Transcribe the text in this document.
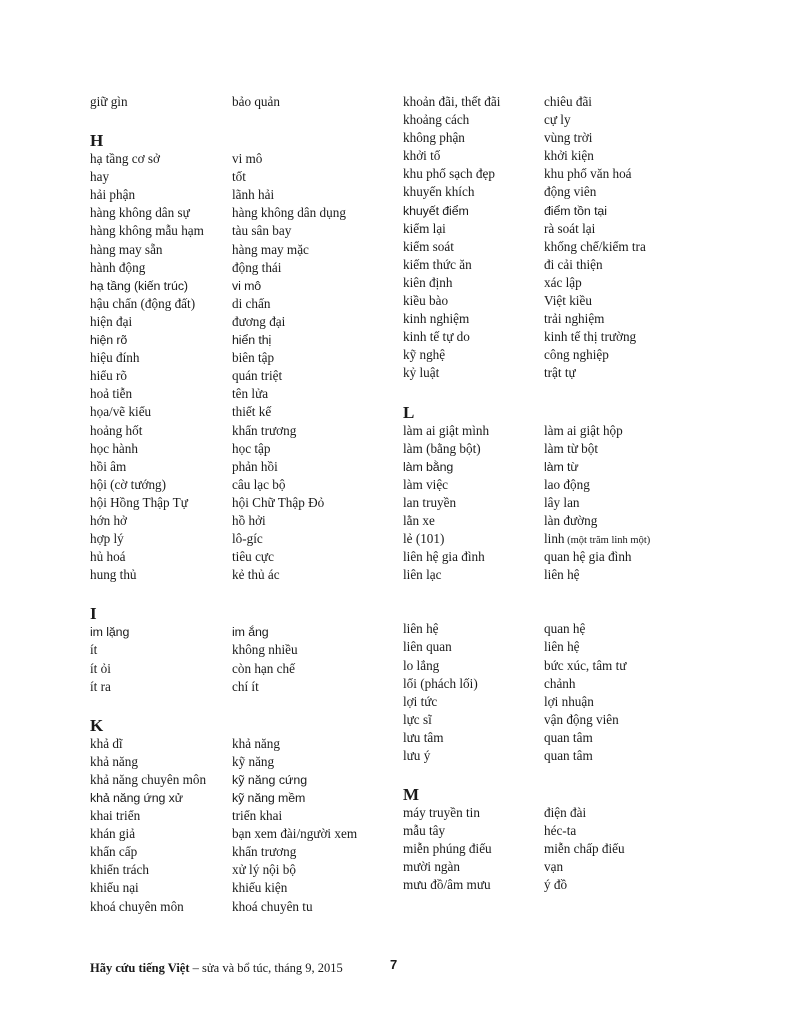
giữ gìn	bảo quản
H
hạ tầng cơ sở	vi mô
hay	tốt
hải phận	lãnh hải
hàng không dân sự	hàng không dân dụng
hàng không mẫu hạm	tàu sân bay
hàng may sẵn	hàng may mặc
hành động	động thái
hạ tầng (kiến trúc)	vi mô
hậu chấn (động đất)	di chấn
hiện đại	đương đại
hiện rõ	hiển thị
hiệu đính	biên tập
hiểu rõ	quán triệt
hoả tiễn	tên lửa
họa/vẽ kiểu	thiết kế
hoảng hốt	khẩn trương
học hành	học tập
hồi âm	phản hồi
hội (cờ tướng)	câu lạc bộ
hội Hồng Thập Tự	hội Chữ Thập Đỏ
hớn hở	hồ hởi
hợp lý	lô-gíc
hủ hoá	tiêu cực
hung thủ	kẻ thủ ác
I
im lặng	im ắng
ít	không nhiều
ít ỏi	còn hạn chế
ít ra	chí ít
K
khả dĩ	khả năng
khả năng	kỹ năng
khả năng chuyên môn	kỹ năng cứng
khả năng ứng xử	kỹ năng mềm
khai triển	triển khai
khán giả	bạn xem đài/người xem
khẩn cấp	khẩn trương
khiển trách	xử lý nội bộ
khiếu nại	khiếu kiện
khoá chuyên môn	khoá chuyên tu
khoản đãi, thết đãi	chiêu đãi
khoảng cách	cự ly
không phận	vùng trời
khởi tố	khởi kiện
khu phố sạch đẹp	khu phố văn hoá
khuyến khích	động viên
khuyết điểm	điểm tồn tại
kiểm lại	rà soát lại
kiểm soát	khống chế/kiểm tra
kiếm thức ăn	đi cải thiện
kiên định	xác lập
kiều bào	Việt kiều
kinh nghiệm	trải nghiệm
kinh tế tự do	kinh tế thị trường
kỹ nghệ	công nghiệp
kỷ luật	trật tự
L
làm ai giật mình	làm ai giật hộp
làm (bằng bột)	làm từ bột
làm bằng	làm từ
làm việc	lao động
lan truyền	lây lan
lằn xe	làn đường
lẻ (101)	linh (một trăm linh một)
liên hệ gia đình	quan hệ gia đình
liên lạc	liên hệ
liên hệ	quan hệ
liên quan	liên hệ
lo lắng	bức xúc, tâm tư
lối (phách lối)	chảnh
lợi tức	lợi nhuận
lực sĩ	vận động viên
lưu tâm	quan tâm
lưu ý	quan tâm
M
máy truyền tin	điện đài
mẫu tây	héc-ta
miễn phúng điếu	miễn chấp điếu
mười ngàn	vạn
mưu đồ/âm mưu	ý đồ
Hãy cứu tiếng Việt – sửa và bổ túc, tháng 9, 2015	7
